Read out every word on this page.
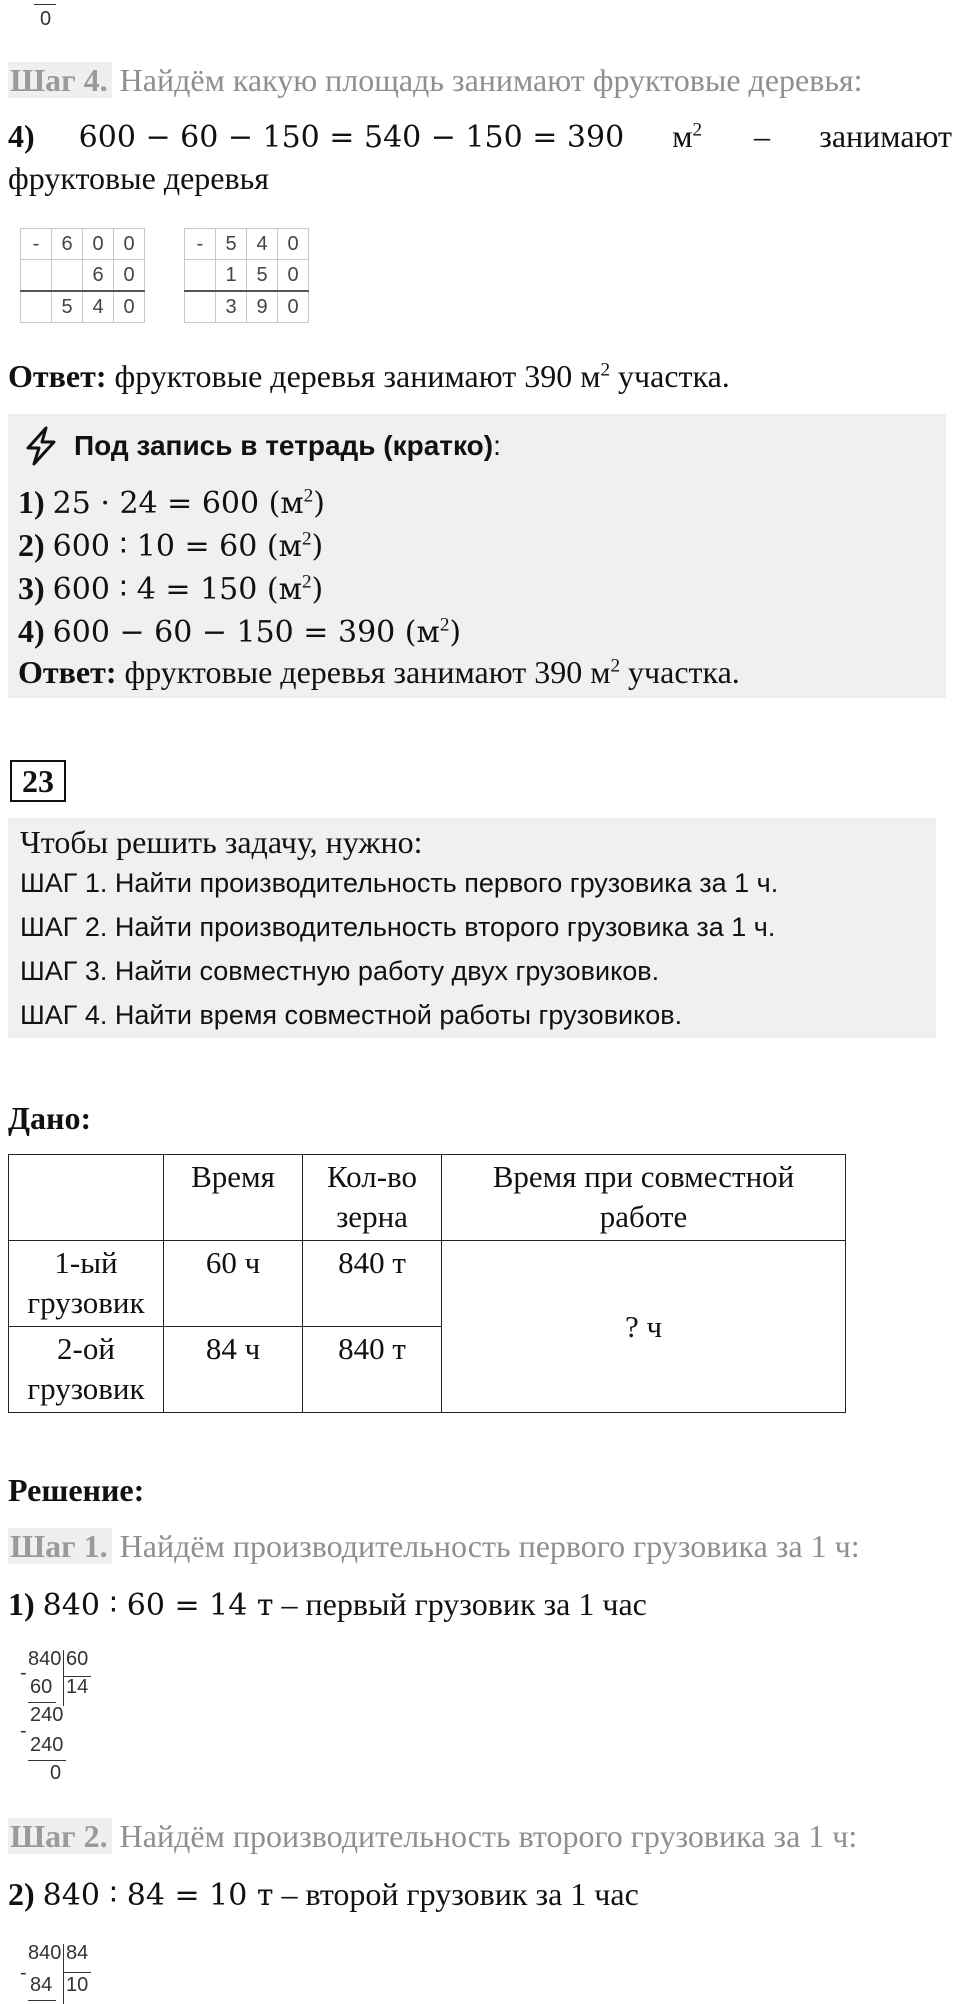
0
Шаг 4. Найдём какую площадь занимают фруктовые деревья:
4) 600 − 60 − 150 = 540 − 150 = 390 $м^2$ – занимают
фруктовые деревья
-	6	0	0
		6	0
	5	4	0
-	5	4	0
	1	5	0
	3	9	0
Ответ: фруктовые деревья занимают 390 $м^2$ участка.
Под запись в тетрадь (кратко):
1) 25 · 24 = 600 $(м^2)$
2) 600 ∶ 10 = 60 $(м^2)$
3) 600 ∶ 4 = 150 $(м^2)$
4) 600 − 60 − 150 = 390 $(м^2)$
Ответ: фруктовые деревья занимают 390 $м^2$ участка.
23
Чтобы решить задачу, нужно:
ШАГ 1. Найти производительность первого грузовика за 1 ч.
ШАГ 2. Найти производительность второго грузовика за 1 ч.
ШАГ 3. Найти совместную работу двух грузовиков.
ШАГ 4. Найти время совместной работы грузовиков.
Дано:
	Время	Кол-во зерна	Время при совместной работе
1-ый грузовик	60 ч	840 т	? ч
2-ой грузовик	84 ч	840 т	
Решение:
Шаг 1. Найдём производительность первого грузовика за 1 ч:
1) 840 ∶ 60 = 14 т – первый грузовик за 1 час
840 60
-
60 14
240
-
240
0
Шаг 2. Найдём производительность второго грузовика за 1 ч:
2) 840 ∶ 84 = 10 т – второй грузовик за 1 час
840 84
-
84 10
